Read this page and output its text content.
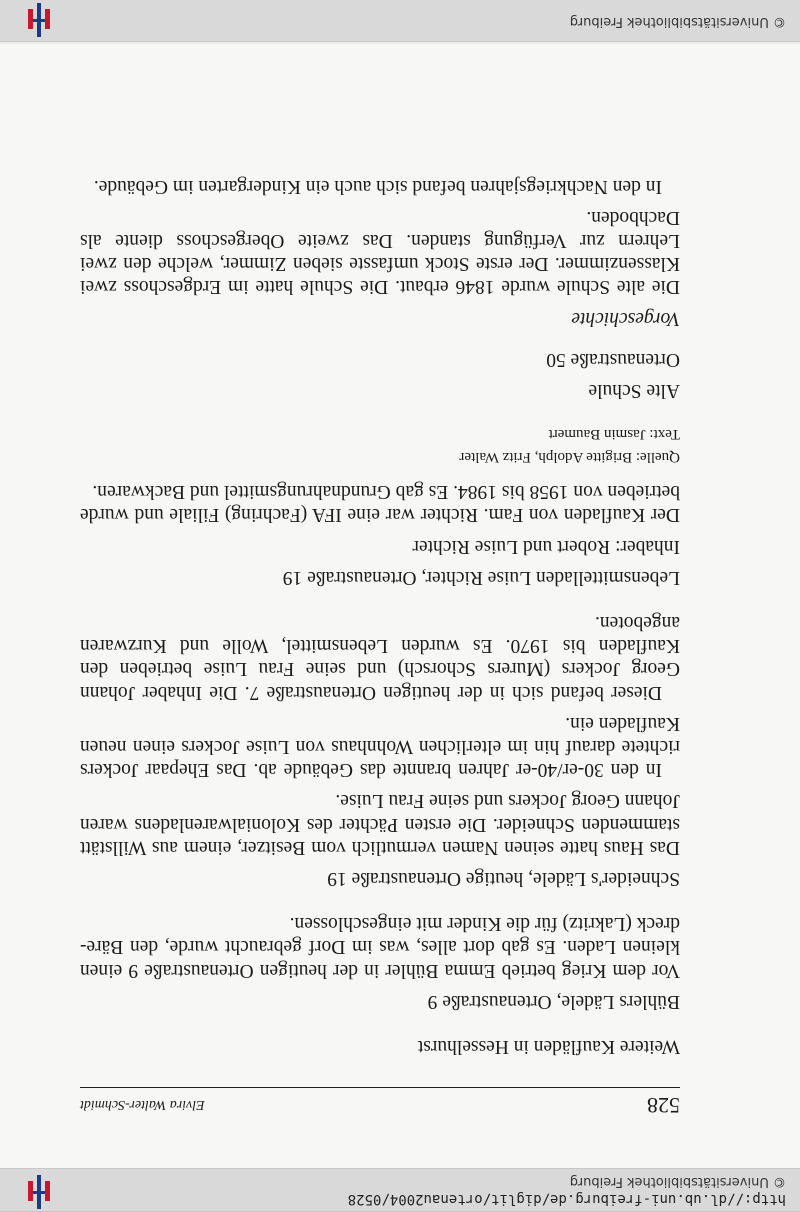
http://dl.ub.uni-freiburg.de/diglit/ortenau2004/0528
© Universitätsbibliothek Freiburg
528
Elvira Walter-Schmidt

Weitere Kaufläden in Hesselhurst

Bühlers Lädele, Ortenaustraße 9

Vor dem Krieg betrieb Emma Bühler in der heutigen Ortenaustraße 9 einen kleinen Laden. Es gab dort alles, was im Dorf gebraucht wurde, den Bäre-dreck (Lakritz) für die Kinder mit eingeschlossen.

Schneider's Lädele, heutige Ortenaustraße 19

Das Haus hatte seinen Namen vermutlich vom Besitzer, einem aus Willstätt stammenden Schneider. Die ersten Pächter des Kolonialwarenladens waren Johann Georg Jockers und seine Frau Luise.

In den 30-er/40-er Jahren brannte das Gebäude ab. Das Ehepaar Jockers richtete darauf hin im elterlichen Wohnhaus von Luise Jockers einen neuen Kaufladen ein.

Dieser befand sich in der heutigen Ortenaustraße 7. Die Inhaber Johann Georg Jockers (Murers Schorsch) und seine Frau Luise betrieben den Kaufladen bis 1970. Es wurden Lebensmittel, Wolle und Kurzwaren angeboten.

Lebensmittelladen Luise Richter, Ortenaustraße 19

Inhaber: Robert und Luise Richter

Der Kaufladen von Fam. Richter war eine IFA (Fachring) Filiale und wurde betrieben von 1958 bis 1984. Es gab Grundnahrungsmittel und Backwaren.

Quelle: Brigitte Adolph, Fritz Walter

Text: Jasmin Baumert

Alte Schule

Ortenaustraße 50

Vorgeschichte

Die alte Schule wurde 1846 erbaut. Die Schule hatte im Erdgeschoss zwei Klassenzimmer. Der erste Stock umfasste sieben Zimmer, welche den zwei Lehrern zur Verfügung standen. Das zweite Obergeschoss diente als Dachboden.

In den Nachkriegsjahren befand sich auch ein Kindergarten im Gebäude.

© Universitätsbibliothek Freiburg
